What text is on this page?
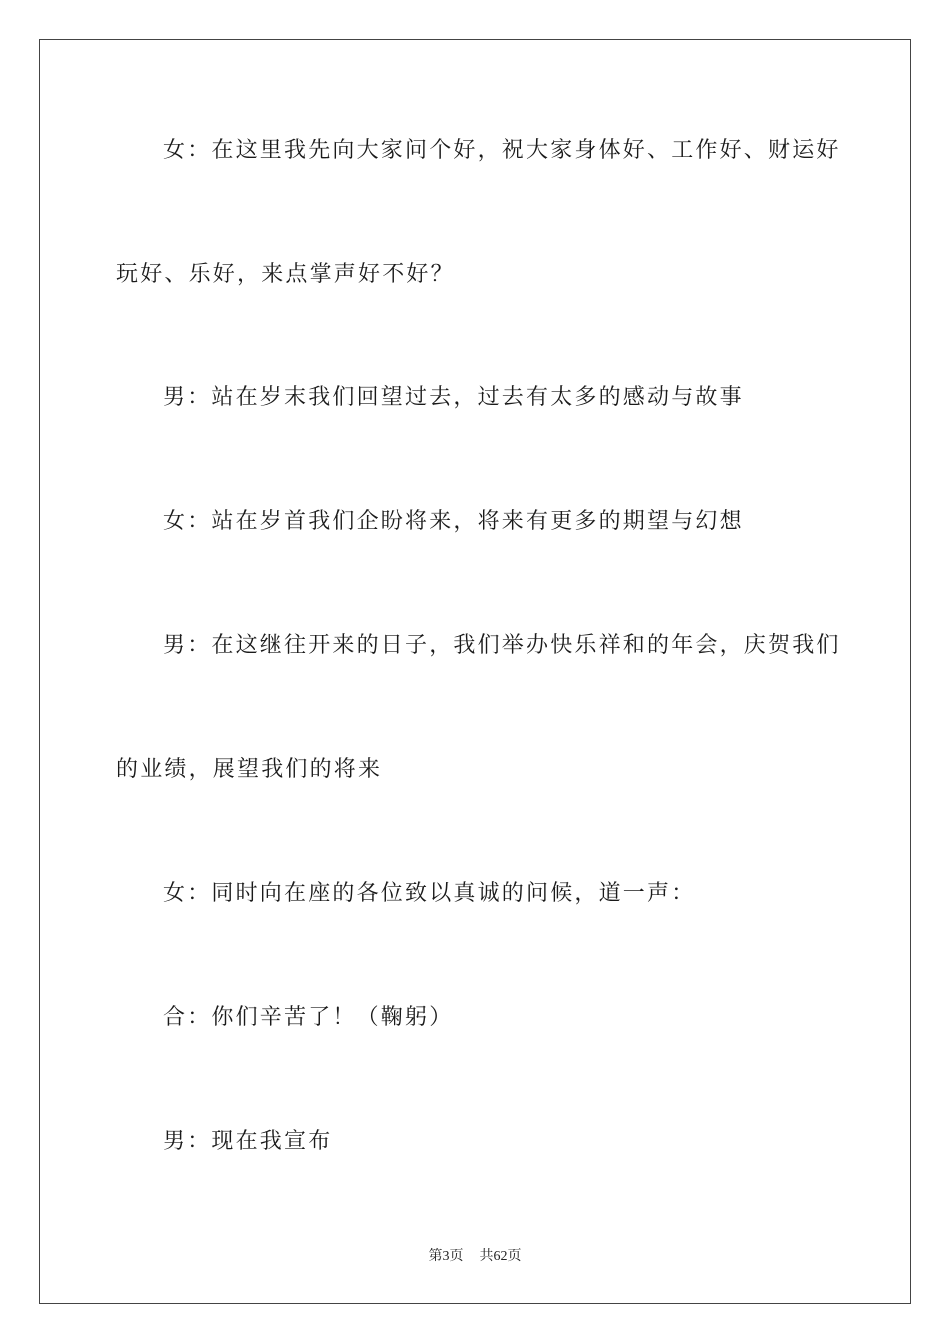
女：在这里我先向大家问个好，祝大家身体好、工作好、财运好
玩好、乐好，来点掌声好不好？
男：站在岁末我们回望过去，过去有太多的感动与故事
女：站在岁首我们企盼将来，将来有更多的期望与幻想
男：在这继往开来的日子，我们举办快乐祥和的年会，庆贺我们
的业绩，展望我们的将来
女：同时向在座的各位致以真诚的问候，道一声：
合：你们辛苦了！（鞠躬）
男：现在我宣布
第3页 共62页
